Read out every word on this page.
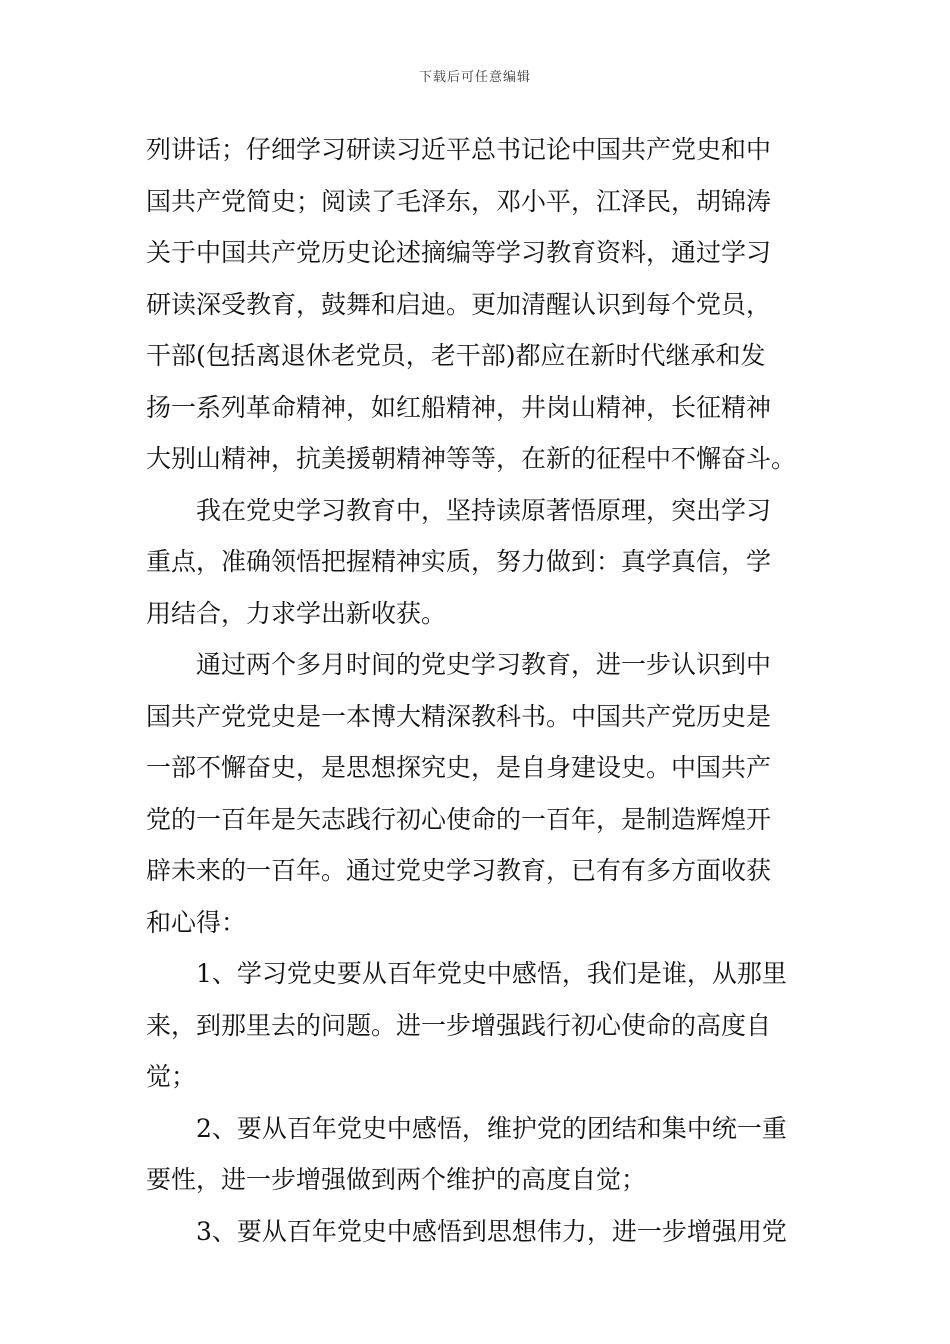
下载后可任意编辑
列讲话；仔细学习研读习近平总书记论中国共产党史和中
国共产党简史；阅读了毛泽东，邓小平，江泽民，胡锦涛
关于中国共产党历史论述摘编等学习教育资料，通过学习
研读深受教育，鼓舞和启迪。更加清醒认识到每个党员，
干部(包括离退休老党员，老干部)都应在新时代继承和发
扬一系列革命精神，如红船精神，井岗山精神，长征精神
大别山精神，抗美援朝精神等等，在新的征程中不懈奋斗。
我在党史学习教育中，坚持读原著悟原理，突出学习
重点，准确领悟把握精神实质，努力做到：真学真信，学
用结合，力求学出新收获。
通过两个多月时间的党史学习教育，进一步认识到中
国共产党党史是一本博大精深教科书。中国共产党历史是
一部不懈奋史，是思想探究史，是自身建设史。中国共产
党的一百年是矢志践行初心使命的一百年，是制造辉煌开
辟未来的一百年。通过党史学习教育，已有有多方面收获
和心得：
1、学习党史要从百年党史中感悟，我们是谁，从那里
来，到那里去的问题。进一步增强践行初心使命的高度自
觉；
2、要从百年党史中感悟，维护党的团结和集中统一重
要性，进一步增强做到两个维护的高度自觉；
3、要从百年党史中感悟到思想伟力，进一步增强用党
